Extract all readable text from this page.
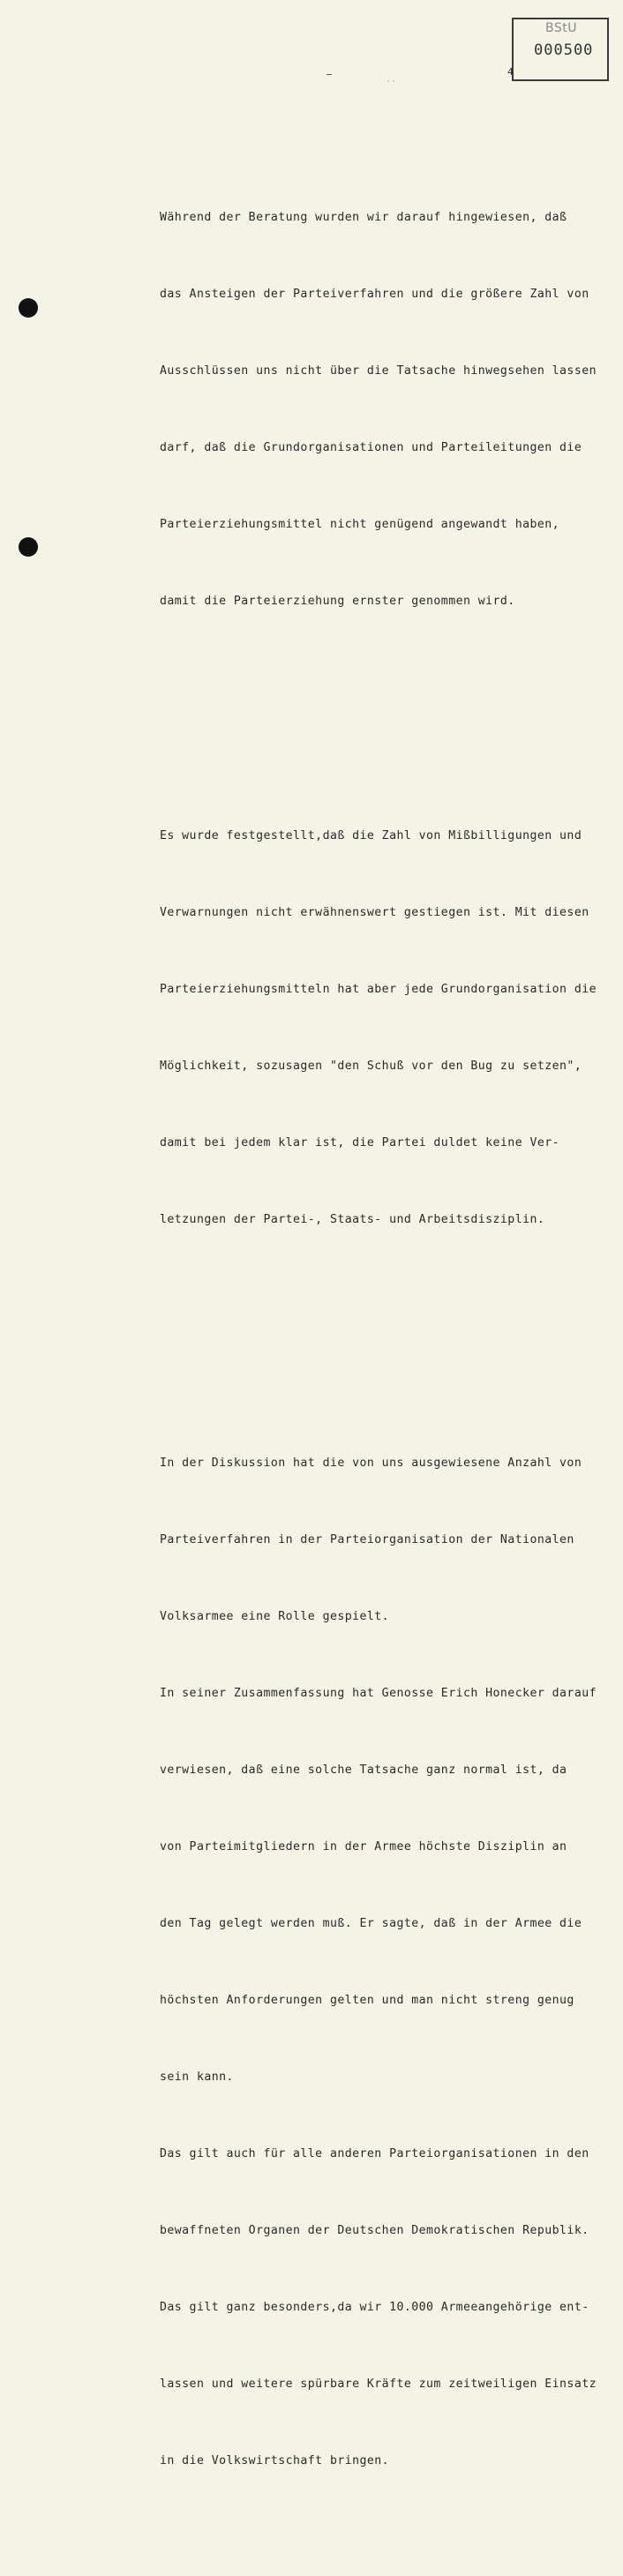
BStU
000500
4
˙˙

Während der Beratung wurden wir darauf hingewiesen, daß

das Ansteigen der Parteiverfahren und die größere Zahl von

Ausschlüssen uns nicht über die Tatsache hinwegsehen lassen

darf, daß die Grundorganisationen und Parteileitungen die

Parteierziehungsmittel nicht genügend angewandt haben,

damit die Parteierziehung ernster genommen wird.

Es wurde festgestellt,daß die Zahl von Mißbilligungen und

Verwarnungen nicht erwähnenswert gestiegen ist. Mit diesen

Parteierziehungsmitteln hat aber jede Grundorganisation die

Möglichkeit, sozusagen "den Schuß vor den Bug zu setzen",

damit bei jedem klar ist, die Partei duldet keine Ver-

letzungen der Partei-, Staats- und Arbeitsdisziplin.

In der Diskussion hat die von uns ausgewiesene Anzahl von

Parteiverfahren in der Parteiorganisation der Nationalen

Volksarmee eine Rolle gespielt.

In seiner Zusammenfassung hat Genosse Erich Honecker darauf

verwiesen, daß eine solche Tatsache ganz normal ist, da

von Parteimitgliedern in der Armee höchste Disziplin an

den Tag gelegt werden muß. Er sagte, daß in der Armee die

höchsten Anforderungen gelten und man nicht streng genug

sein kann.

Das gilt auch für alle anderen Parteiorganisationen in den

bewaffneten Organen der Deutschen Demokratischen Republik.

Das gilt ganz besonders,da wir 10.000 Armeeangehörige ent-

lassen und weitere spürbare Kräfte zum zeitweiligen Einsatz

in die Volkswirtschaft bringen.
